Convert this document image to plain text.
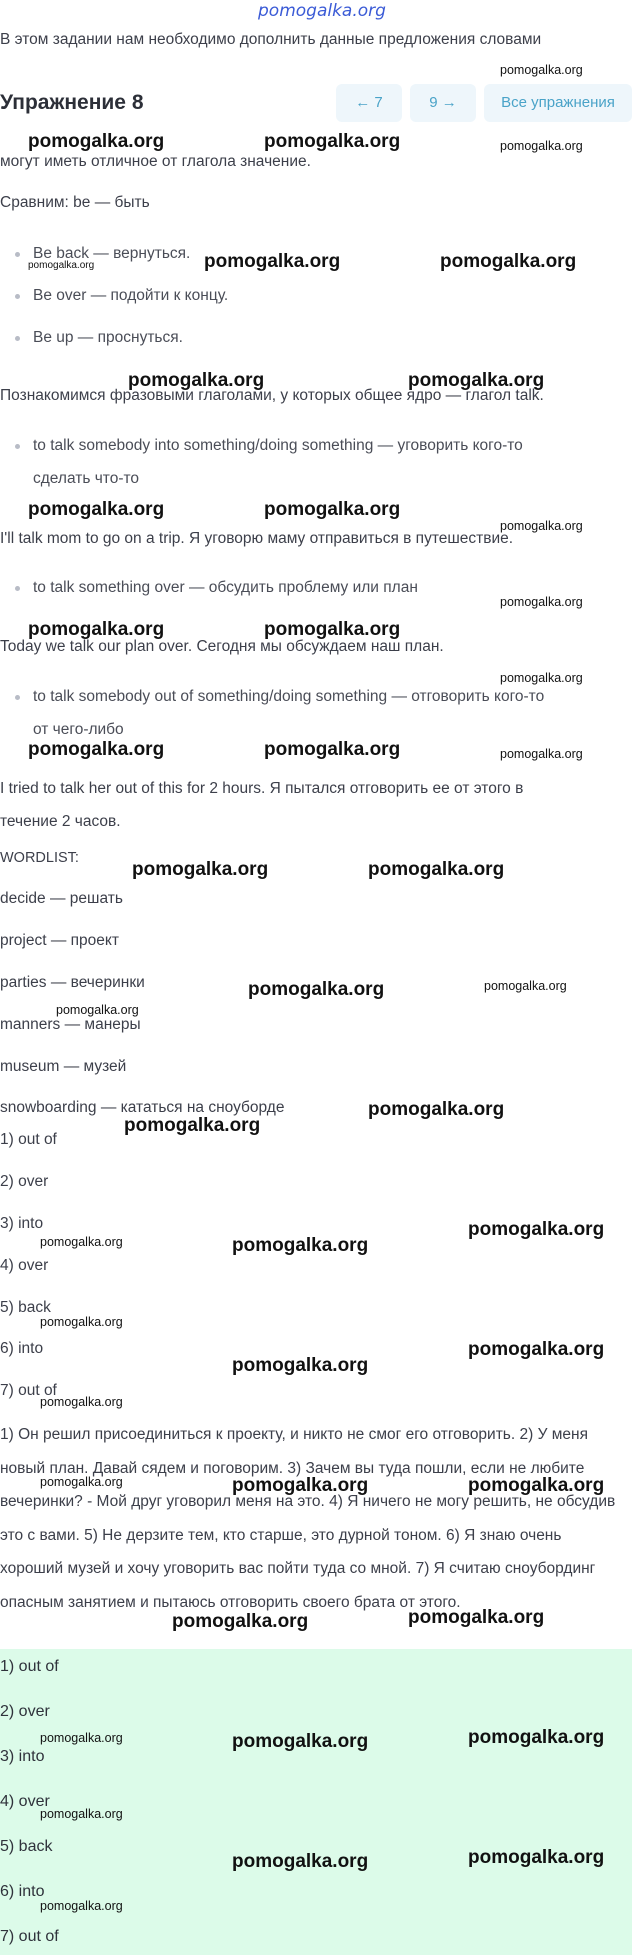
pomogalka.org
В этом задании нам необходимо дополнить данные предложения словами
Упражнение 8	← 7	9 →	Все упражнения
могут иметь отличное от глагола значение.
Сравним: be — быть
Be back — вернуться.
Be over — подойти к концу.
Be up — проснуться.
Познакомимся фразовыми глаголами, у которых общее ядро — глагол talk.
to talk somebody into something/doing something — уговорить кого-то
сделать что-то
I'll talk mom to go on a trip. Я уговорю маму отправиться в путешествие.
to talk something over — обсудить проблему или план
Today we talk our plan over. Сегодня мы обсуждаем наш план.
to talk somebody out of something/doing something — отговорить кого-то
от чего-либо
I tried to talk her out of this for 2 hours. Я пытался отговорить ее от этого в
течение 2 часов.
WORDLIST:
decide — решать
project — проект
parties — вечеринки
manners — манеры
museum — музей
snowboarding — кататься на сноуборде
1) out of
2) over
3) into
4) over
5) back
6) into
7) out of
1) Он решил присоединиться к проекту, и никто не смог его отговорить. 2) У меня новый план. Давай сядем и поговорим. 3) Зачем вы туда пошли, если не любите вечеринки? - Мой друг уговорил меня на это. 4) Я ничего не могу решить, не обсудив это с вами. 5) Не дерзите тем, кто старше, это дурной тоном. 6) Я знаю очень хороший музей и хочу уговорить вас пойти туда со мной. 7) Я считаю сноубординг опасным занятием и пытаюсь отговорить своего брата от этого.
1) out of
2) over
3) into
4) over
5) back
6) into
7) out of
pomogalka.org
pomogalka.org
pomogalka.org	pomogalka.org
pomogalka.org	pomogalka.org	pomogalka.org
pomogalka.org	pomogalka.org
pomogalka.org	pomogalka.org
pomogalka.org
pomogalka.org
pomogalka.org	pomogalka.org
pomogalka.org
pomogalka.org	pomogalka.org	pomogalka.org
pomogalka.org	pomogalka.org
pomogalka.org	pomogalka.org
pomogalka.org
pomogalka.org
pomogalka.org
pomogalka.org	pomogalka.org
pomogalka.org
pomogalka.org
pomogalka.org
pomogalka.org
pomogalka.org
pomogalka.org	pomogalka.org	pomogalka.org
pomogalka.org	pomogalka.org
pomogalka.org	pomogalka.org	pomogalka.org
pomogalka.org
pomogalka.org	pomogalka.org
pomogalka.org
